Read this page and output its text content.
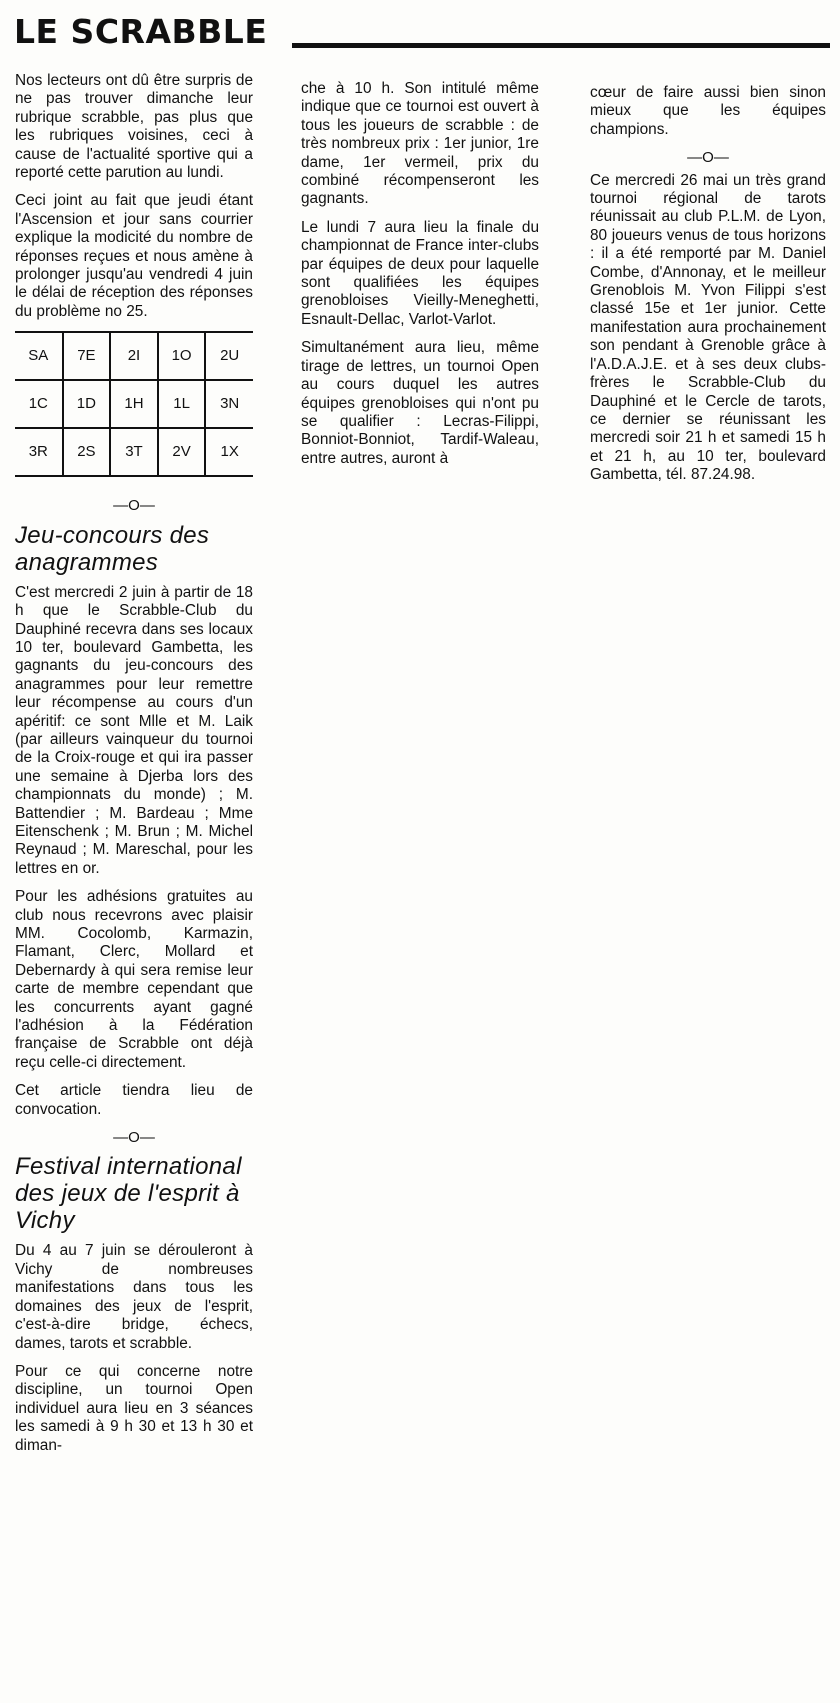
LE SCRABBLE

Nos lecteurs ont dû être surpris de ne pas trouver dimanche leur rubrique scrabble, pas plus que les rubriques voisines, ceci à cause de l'actualité sportive qui a reporté cette parution au lundi.

Ceci joint au fait que jeudi étant l'Ascension et jour sans courrier explique la modicité du nombre de réponses reçues et nous amène à prolonger jusqu'au vendredi 4 juin le délai de réception des réponses du problème no 25.

SA	7E	2I	1O	2U
1C	1D	1H	1L	3N
3R	2S	3T	2V	1X
—O—
Jeu-concours des anagrammes

C'est mercredi 2 juin à partir de 18 h que le Scrabble-Club du Dauphiné recevra dans ses locaux 10 ter, boulevard Gambetta, les gagnants du jeu-concours des anagrammes pour leur remettre leur récompense au cours d'un apéritif: ce sont Mlle et M. Laik (par ailleurs vainqueur du tournoi de la Croix-rouge et qui ira passer une semaine à Djerba lors des championnats du monde) ; M. Battendier ; M. Bardeau ; Mme Eitenschenk ; M. Brun ; M. Michel Reynaud ; M. Mareschal, pour les lettres en or.

Pour les adhésions gratuites au club nous recevrons avec plaisir MM. Cocolomb, Karmazin, Flamant, Clerc, Mollard et Debernardy à qui sera remise leur carte de membre cependant que les concurrents ayant gagné l'adhésion à la Fédération française de Scrabble ont déjà reçu celle-ci directement.

Cet article tiendra lieu de convocation.

—O—
Festival international des jeux de l'esprit à Vichy

Du 4 au 7 juin se dérouleront à Vichy de nombreuses manifestations dans tous les domaines des jeux de l'esprit, c'est-à-dire bridge, échecs, dames, tarots et scrabble.

Pour ce qui concerne notre discipline, un tournoi Open individuel aura lieu en 3 séances les samedi à 9 h 30 et 13 h 30 et diman-

che à 10 h. Son intitulé même indique que ce tournoi est ouvert à tous les joueurs de scrabble : de très nombreux prix : 1er junior, 1re dame, 1er vermeil, prix du combiné récompenseront les gagnants.

Le lundi 7 aura lieu la finale du championnat de France inter-clubs par équipes de deux pour laquelle sont qualifiées les équipes grenobloises Vieilly-Meneghetti, Esnault-Dellac, Varlot-Varlot.

Simultanément aura lieu, même tirage de lettres, un tournoi Open au cours duquel les autres équipes grenobloises qui n'ont pu se qualifier : Lecras-Filippi, Bonniot-Bonniot, Tardif-Waleau, entre autres, auront à

cœur de faire aussi bien sinon mieux que les équipes champions.

—O—

Ce mercredi 26 mai un très grand tournoi régional de tarots réunissait au club P.L.M. de Lyon, 80 joueurs venus de tous horizons : il a été remporté par M. Daniel Combe, d'Annonay, et le meilleur Grenoblois M. Yvon Filippi s'est classé 15e et 1er junior. Cette manifestation aura prochainement son pendant à Grenoble grâce à l'A.D.A.J.E. et à ses deux clubs-frères le Scrabble-Club du Dauphiné et le Cercle de tarots, ce dernier se réunissant les mercredi soir 21 h et samedi 15 h et 21 h, au 10 ter, boulevard Gambetta, tél. 87.24.98.
